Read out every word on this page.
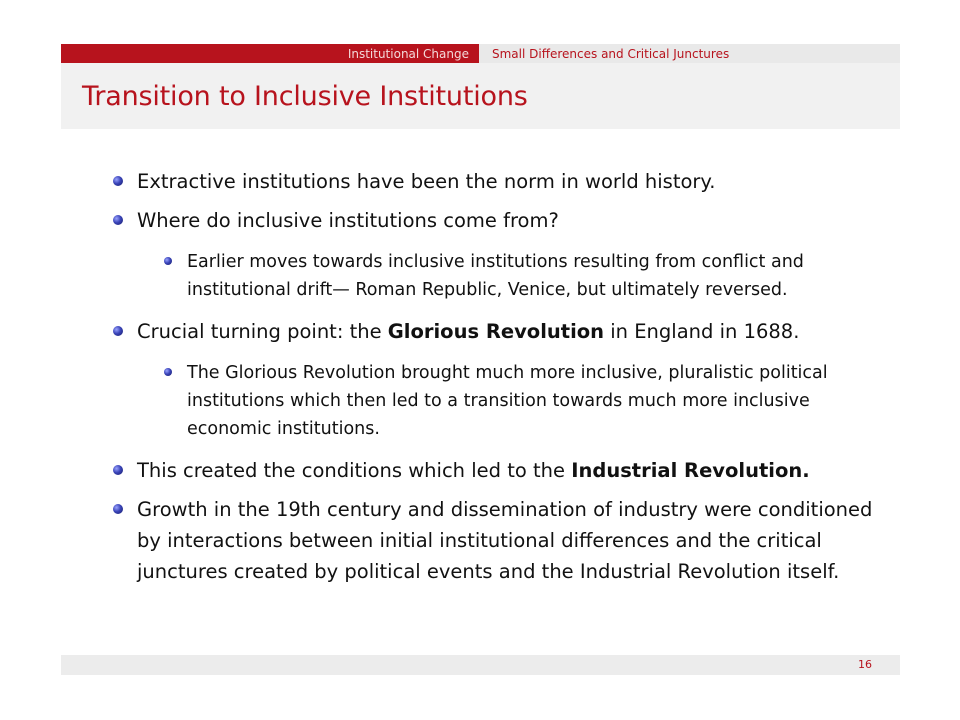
Institutional Change	Small Differences and Critical Junctures
Transition to Inclusive Institutions
Extractive institutions have been the norm in world history.
Where do inclusive institutions come from?
Earlier moves towards inclusive institutions resulting from conflict and institutional drift— Roman Republic, Venice, but ultimately reversed.
Crucial turning point: the Glorious Revolution in England in 1688.
The Glorious Revolution brought much more inclusive, pluralistic political institutions which then led to a transition towards much more inclusive economic institutions.
This created the conditions which led to the Industrial Revolution.
Growth in the 19th century and dissemination of industry were conditioned by interactions between initial institutional differences and the critical junctures created by political events and the Industrial Revolution itself.
16
